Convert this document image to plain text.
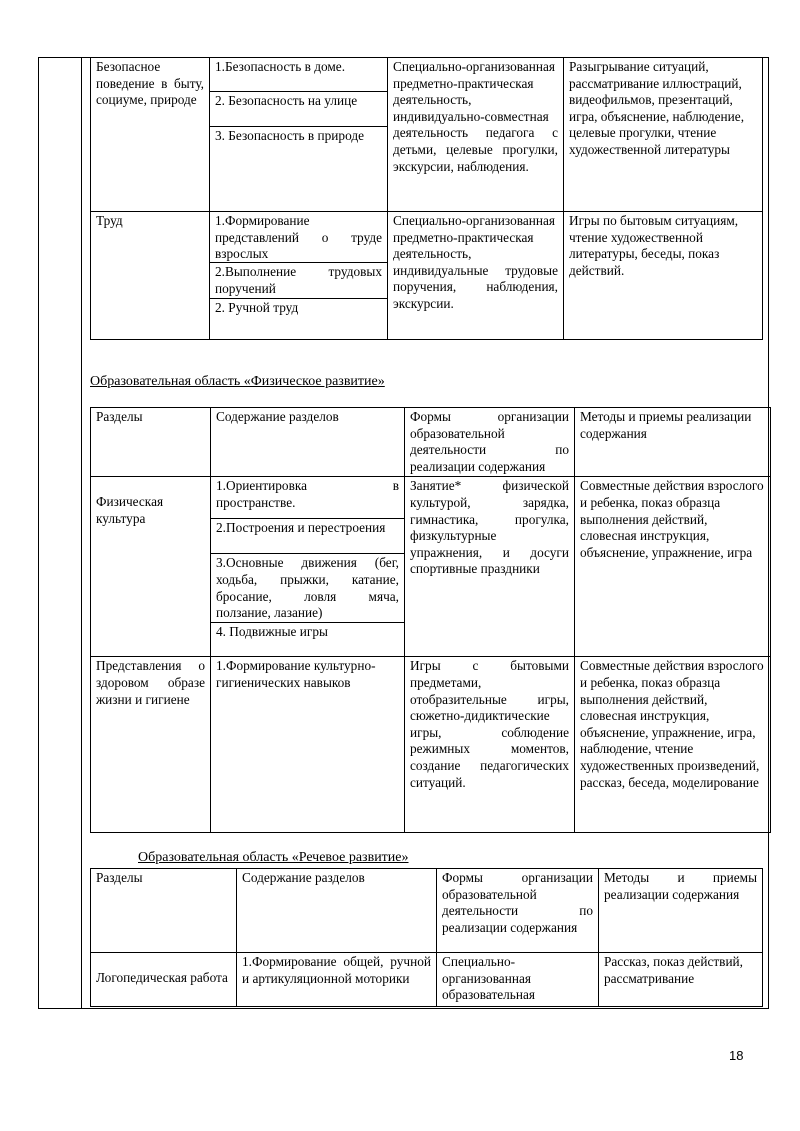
Безопасное поведение в быту, социуме, природе	1.Безопасность в доме.
2. Безопасность на улице
3. Безопасность в природе	Специально-организованная предметно-практическая деятельность, индивидуально-совместная деятельность педагога с детьми, целевые прогулки, экскурсии, наблюдения.	Разыгрывание ситуаций, рассматривание иллюстраций, видеофильмов, презентаций, игра, объяснение, наблюдение, целевые прогулки, чтение художественной литературы
Труд	1.Формирование представлений о труде взрослых
2.Выполнение трудовых поручений
2. Ручной труд	Специально-организованная предметно-практическая деятельность, индивидуальные трудовые поручения, наблюдения, экскурсии.	Игры по бытовым ситуациям, чтение художественной литературы, беседы, показ действий.
Образовательная область «Физическое развитие»
Разделы	Содержание разделов	Формы организации образовательной деятельности по реализации содержания	Методы и приемы реализации содержания

Физическая культура	1.Ориентировка в пространстве.
2.Построения и перестроения
3.Основные движения (бег, ходьба, прыжки, катание, бросание, ловля мяча, ползание, лазание)
4. Подвижные игры	Занятие* физической культурой, зарядка, гимнастика, прогулка, физкультурные упражнения, и досуги спортивные праздники	Совместные действия взрослого и ребенка, показ образца выполнения действий, словесная инструкция, объяснение, упражнение, игра
Представления о здоровом образе жизни и гигиене	1.Формирование культурно-гигиенических навыков	Игры с бытовыми предметами, отобразительные игры, сюжетно-дидиктические игры, соблюдение режимных моментов, создание педагогических ситуаций.	Совместные действия взрослого и ребенка, показ образца выполнения действий, словесная инструкция, объяснение, упражнение, игра, наблюдение, чтение художественных произведений, рассказ, беседа, моделирование
Образовательная область «Речевое развитие»
Разделы	Содержание разделов	Формы организации образовательной деятельности по реализации содержания	Методы и приемы реализации содержания

Логопедическая работа	1.Формирование общей, ручной и артикуляционной моторики	Специально-организованная образовательная	Рассказ, показ действий, рассматривание
18
